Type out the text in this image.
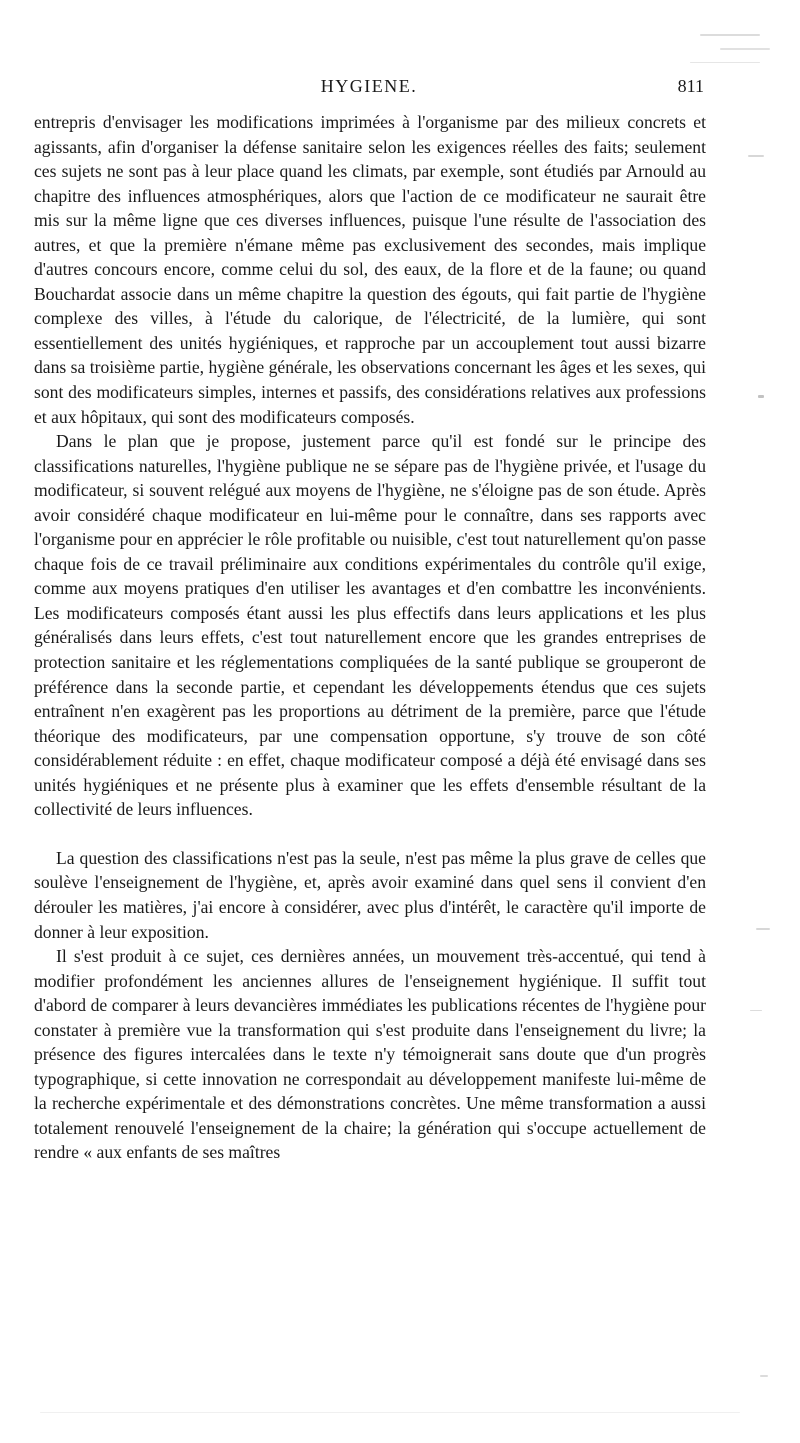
HYGIENE.	811

entrepris d'envisager les modifications imprimées à l'organisme par des milieux concrets et agissants, afin d'organiser la défense sanitaire selon les exigences réelles des faits; seulement ces sujets ne sont pas à leur place quand les climats, par exemple, sont étudiés par Arnould au chapitre des influences atmosphériques, alors que l'action de ce modificateur ne saurait être mis sur la même ligne que ces diverses influences, puisque l'une résulte de l'association des autres, et que la première n'émane même pas exclusivement des secondes, mais implique d'autres concours encore, comme celui du sol, des eaux, de la flore et de la faune; ou quand Bouchardat associe dans un même chapitre la question des égouts, qui fait partie de l'hygiène complexe des villes, à l'étude du calorique, de l'électricité, de la lumière, qui sont essentiellement des unités hygiéniques, et rapproche par un accouplement tout aussi bizarre dans sa troisième partie, hygiène générale, les observations concernant les âges et les sexes, qui sont des modificateurs simples, internes et passifs, des considérations relatives aux professions et aux hôpitaux, qui sont des modificateurs composés.

Dans le plan que je propose, justement parce qu'il est fondé sur le principe des classifications naturelles, l'hygiène publique ne se sépare pas de l'hygiène privée, et l'usage du modificateur, si souvent relégué aux moyens de l'hygiène, ne s'éloigne pas de son étude. Après avoir considéré chaque modificateur en lui-même pour le connaître, dans ses rapports avec l'organisme pour en apprécier le rôle profitable ou nuisible, c'est tout naturellement qu'on passe chaque fois de ce travail préliminaire aux conditions expérimentales du contrôle qu'il exige, comme aux moyens pratiques d'en utiliser les avantages et d'en combattre les inconvénients. Les modificateurs composés étant aussi les plus effectifs dans leurs applications et les plus généralisés dans leurs effets, c'est tout naturellement encore que les grandes entreprises de protection sanitaire et les réglementations compliquées de la santé publique se grouperont de préférence dans la seconde partie, et cependant les développements étendus que ces sujets entraînent n'en exagèrent pas les proportions au détriment de la première, parce que l'étude théorique des modificateurs, par une compensation opportune, s'y trouve de son côté considérablement réduite : en effet, chaque modificateur composé a déjà été envisagé dans ses unités hygiéniques et ne présente plus à examiner que les effets d'ensemble résultant de la collectivité de leurs influences.

La question des classifications n'est pas la seule, n'est pas même la plus grave de celles que soulève l'enseignement de l'hygiène, et, après avoir examiné dans quel sens il convient d'en dérouler les matières, j'ai encore à considérer, avec plus d'intérêt, le caractère qu'il importe de donner à leur exposition.

Il s'est produit à ce sujet, ces dernières années, un mouvement très-accentué, qui tend à modifier profondément les anciennes allures de l'enseignement hygiénique. Il suffit tout d'abord de comparer à leurs devancières immédiates les publications récentes de l'hygiène pour constater à première vue la transformation qui s'est produite dans l'enseignement du livre; la présence des figures intercalées dans le texte n'y témoignerait sans doute que d'un progrès typographique, si cette innovation ne correspondait au développement manifeste lui-même de la recherche expérimentale et des démonstrations concrètes. Une même transformation a aussi totalement renouvelé l'enseignement de la chaire; la génération qui s'occupe actuellement de rendre « aux enfants de ses maîtres
